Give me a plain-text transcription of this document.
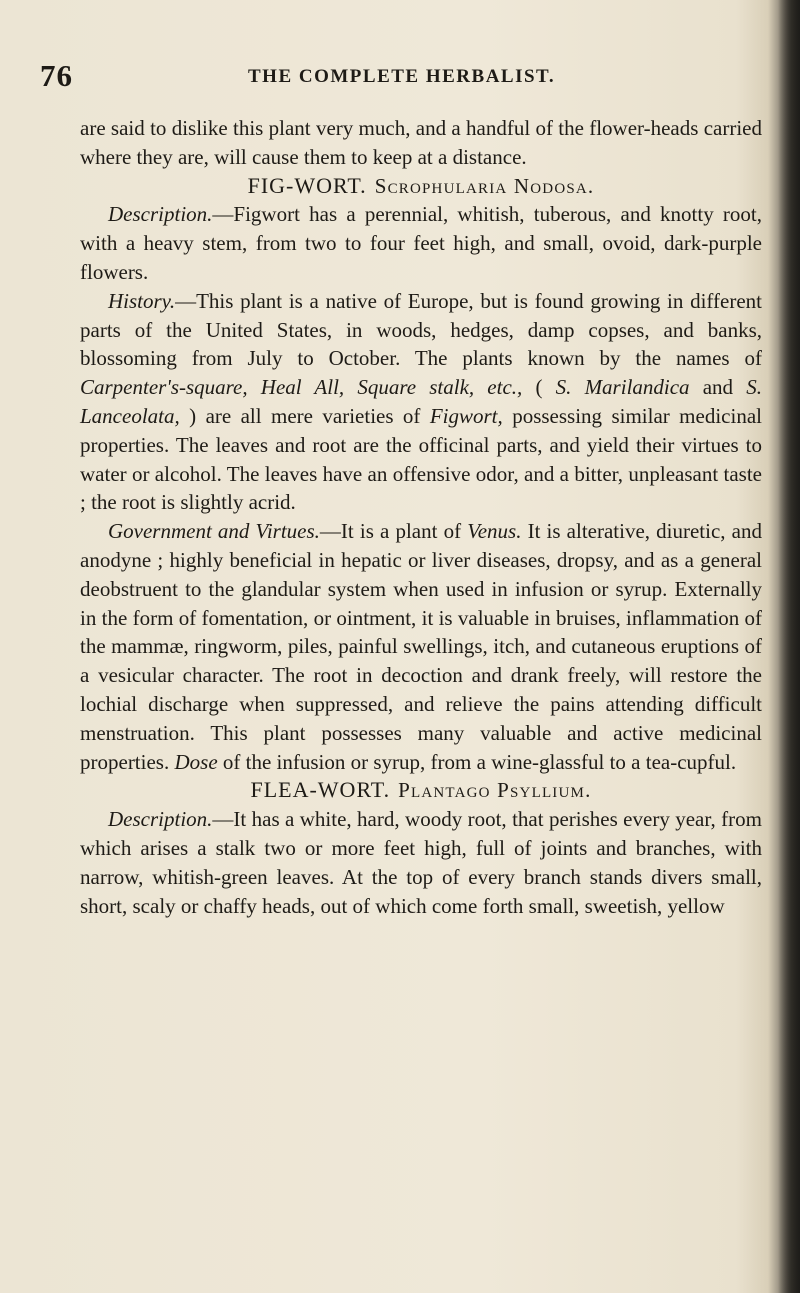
76	THE COMPLETE HERBALIST.

are said to dislike this plant very much, and a handful of the flower-heads carried where they are, will cause them to keep at a distance.

FIG-WORT. Scrophularia Nodosa.

Description.—Figwort has a perennial, whitish, tuberous, and knotty root, with a heavy stem, from two to four feet high, and small, ovoid, dark-purple flowers.

History.—This plant is a native of Europe, but is found growing in different parts of the United States, in woods, hedges, damp copses, and banks, blossoming from July to October. The plants known by the names of Carpenter's-square, Heal All, Square stalk, etc., ( S. Marilandica and S. Lanceolata, ) are all mere varieties of Figwort, possessing similar medicinal properties. The leaves and root are the officinal parts, and yield their virtues to water or alcohol. The leaves have an offensive odor, and a bitter, unpleasant taste ; the root is slightly acrid.

Government and Virtues.—It is a plant of Venus. It is alterative, diuretic, and anodyne ; highly beneficial in hepatic or liver diseases, dropsy, and as a general deobstruent to the glandular system when used in infusion or syrup. Externally in the form of fomentation, or ointment, it is valuable in bruises, inflammation of the mammæ, ringworm, piles, painful swellings, itch, and cutaneous eruptions of a vesicular character. The root in decoction and drank freely, will restore the lochial discharge when suppressed, and relieve the pains attending difficult menstruation. This plant possesses many valuable and active medicinal properties. Dose of the infusion or syrup, from a wine-glassful to a tea-cupful.

FLEA-WORT. Plantago Psyllium.

Description.—It has a white, hard, woody root, that perishes every year, from which arises a stalk two or more feet high, full of joints and branches, with narrow, whitish-green leaves. At the top of every branch stands divers small, short, scaly or chaffy heads, out of which come forth small, sweetish, yellow
